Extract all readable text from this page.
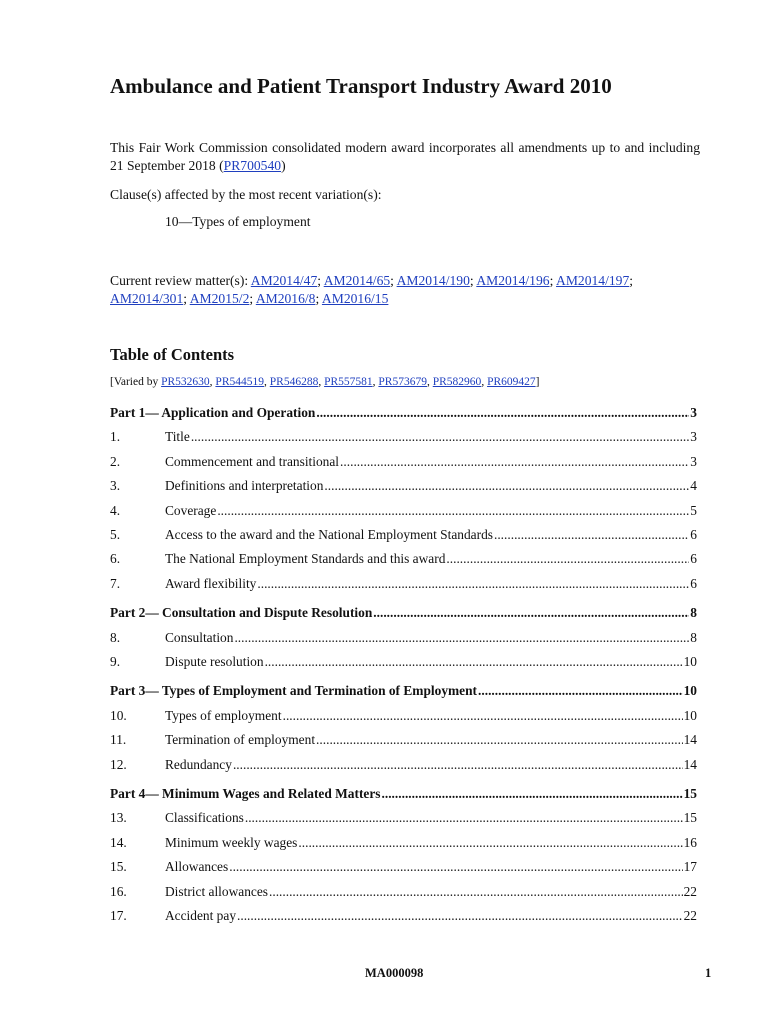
Ambulance and Patient Transport Industry Award 2010

This Fair Work Commission consolidated modern award incorporates all amendments up to and including 21 September 2018 (PR700540)

Clause(s) affected by the most recent variation(s):

10—Types of employment

Current review matter(s): AM2014/47; AM2014/65; AM2014/190; AM2014/196; AM2014/197; AM2014/301; AM2015/2; AM2016/8; AM2016/15

Table of Contents
[Varied by PR532630, PR544519, PR546288, PR557581, PR573679, PR582960, PR609427]
Part 1— Application and Operation .....	3
1.	Title .....	3
2.	Commencement and transitional .....	3
3.	Definitions and interpretation .....	4
4.	Coverage .....	5
5.	Access to the award and the National Employment Standards .....	6
6.	The National Employment Standards and this award .....	6
7.	Award flexibility .....	6
Part 2— Consultation and Dispute Resolution .....	8
8.	Consultation .....	8
9.	Dispute resolution .....	10
Part 3— Types of Employment and Termination of Employment .....	10
10.	Types of employment .....	10
11.	Termination of employment .....	14
12.	Redundancy .....	14
Part 4— Minimum Wages and Related Matters .....	15
13.	Classifications .....	15
14.	Minimum weekly wages .....	16
15.	Allowances .....	17
16.	District allowances .....	22
17.	Accident pay .....	22
MA000098	1
